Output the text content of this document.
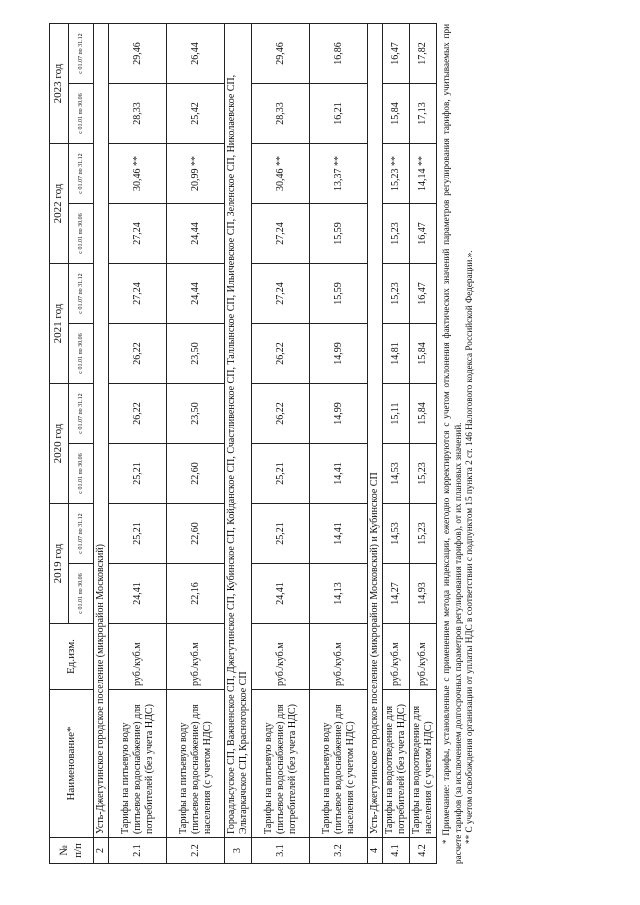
№ п/п	Наименование*	Ед.изм.	2019 год		2020 год		2021 год		2022 год		2023 год	
			с 01.01 по 30.06	с 01.07 по 31.12	с 01.01 по 30.06	с 01.07 по 31.12	с 01.01 по 30.06	с 01.07 по 31.12	с 01.01 по 30.06	с 01.07 по 31.12	с 01.01 по 30.06	с 01.07 по 31.12
2	Усть-Джегутинское городское поселение (микрорайон Московский)											
2.1	Тарифы на питьевую воду (питьевое водоснабжение) для потребителей (без учета НДС)	руб./куб.м	24,41	25,21	25,21	26,22	26,22	27,24	27,24	30,46 **	28,33	29,46
2.2	Тарифы на питьевую воду (питьевое водоснабжение) для населения (с учетом НДС)	руб./куб.м	22,16	22,60	22,60	23,50	23,50	24,44	24,44	20,99 **	25,42	26,44
3	Гороадльсуское СП, Важненское СП, Джегутинское СП, Кубинское СП, Койданское СП, Счастливенское СП, Таллынское СП, Ильичевское СП, Зеленское СП, Николаевское СП, Эльтаркачское СП, Красногорское СП											
3.1	Тарифы на питьевую воду (питьевое водоснабжение) для потребителей (без учета НДС)	руб./куб.м	24,41	25,21	25,21	26,22	26,22	27,24	27,24	30,46 **	28,33	29,46
3.2	Тарифы на питьевую воду (питьевое водоснабжение) для населения (с учетом НДС)	руб./куб.м	14,13	14,41	14,41	14,99	14,99	15,59	15,59	13,37 **	16,21	16,86
4	Усть-Джегутинское городское поселение (микрорайон Московский) и Кубинское СП											
4.1	Тарифы на водоотведение для потребителей (без учета НДС)	руб./куб.м	14,27	14,53	14,53	15,11	14,81	15,23	15,23	15,23 **	15,84	16,47
4.2	Тарифы на водоотведение для населения (с учетом НДС)	руб./куб.м	14,93	15,23	15,23	15,84	15,84	16,47	16,47	14,14 **	17,13	17,82 * Примечание: тарифы, установленные с применением метода индексации, ежегодно корректируются с учетом отклонения фактических значений параметров регулирования тарифов, учитываемых при расчете тарифов (за исключением долгосрочных параметров регулирования тарифов), от их плановых значений. ** С учетом освобождения организации от уплаты НДС в соответствии с подпунктом 15 пункта 2 ст. 146 Налогового кодекса Российской Федерации.».
